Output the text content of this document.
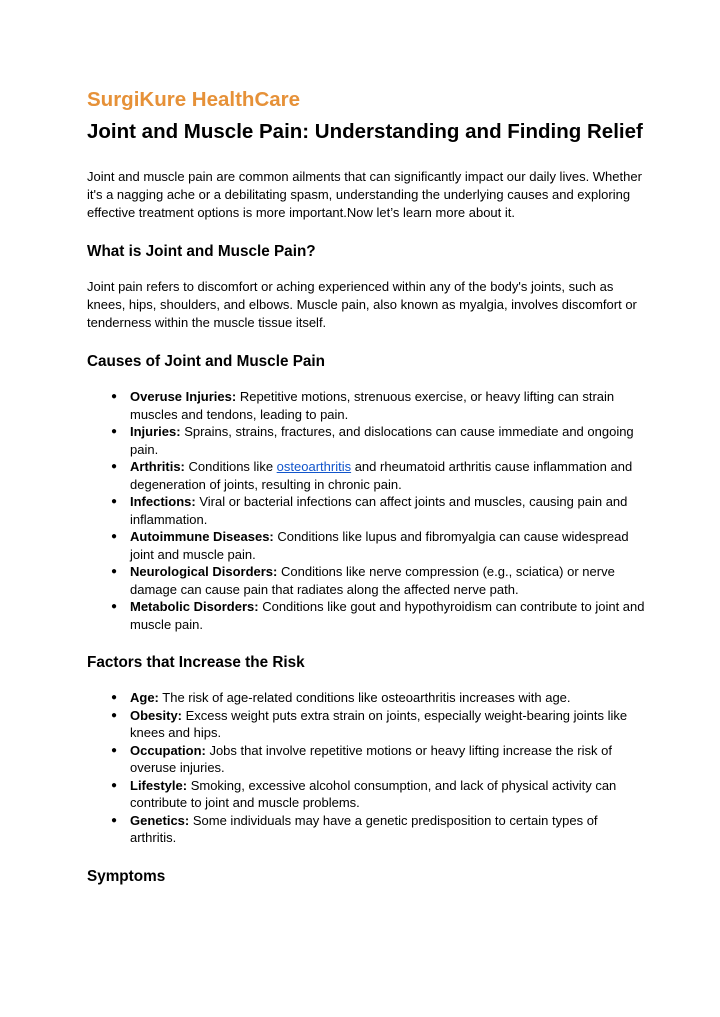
SurgiKure HealthCare
Joint and Muscle Pain: Understanding and Finding Relief

Joint and muscle pain are common ailments that can significantly impact our daily lives. Whether it's a nagging ache or a debilitating spasm, understanding the underlying causes and exploring effective treatment options is more important.Now let’s learn more about it.

What is Joint and Muscle Pain?

Joint pain refers to discomfort or aching experienced within any of the body's joints, such as knees, hips, shoulders, and elbows. Muscle pain, also known as myalgia, involves discomfort or tenderness within the muscle tissue itself.

Causes of Joint and Muscle Pain
● Overuse Injuries: Repetitive motions, strenuous exercise, or heavy lifting can strain muscles and tendons, leading to pain.
● Injuries: Sprains, strains, fractures, and dislocations can cause immediate and ongoing pain.
● Arthritis: Conditions like osteoarthritis and rheumatoid arthritis cause inflammation and degeneration of joints, resulting in chronic pain.
● Infections: Viral or bacterial infections can affect joints and muscles, causing pain and inflammation.
● Autoimmune Diseases: Conditions like lupus and fibromyalgia can cause widespread joint and muscle pain.
● Neurological Disorders: Conditions like nerve compression (e.g., sciatica) or nerve damage can cause pain that radiates along the affected nerve path.
● Metabolic Disorders: Conditions like gout and hypothyroidism can contribute to joint and muscle pain.
Factors that Increase the Risk
● Age: The risk of age-related conditions like osteoarthritis increases with age.
● Obesity: Excess weight puts extra strain on joints, especially weight-bearing joints like knees and hips.
● Occupation: Jobs that involve repetitive motions or heavy lifting increase the risk of overuse injuries.
● Lifestyle: Smoking, excessive alcohol consumption, and lack of physical activity can contribute to joint and muscle problems.
● Genetics: Some individuals may have a genetic predisposition to certain types of arthritis.
Symptoms
